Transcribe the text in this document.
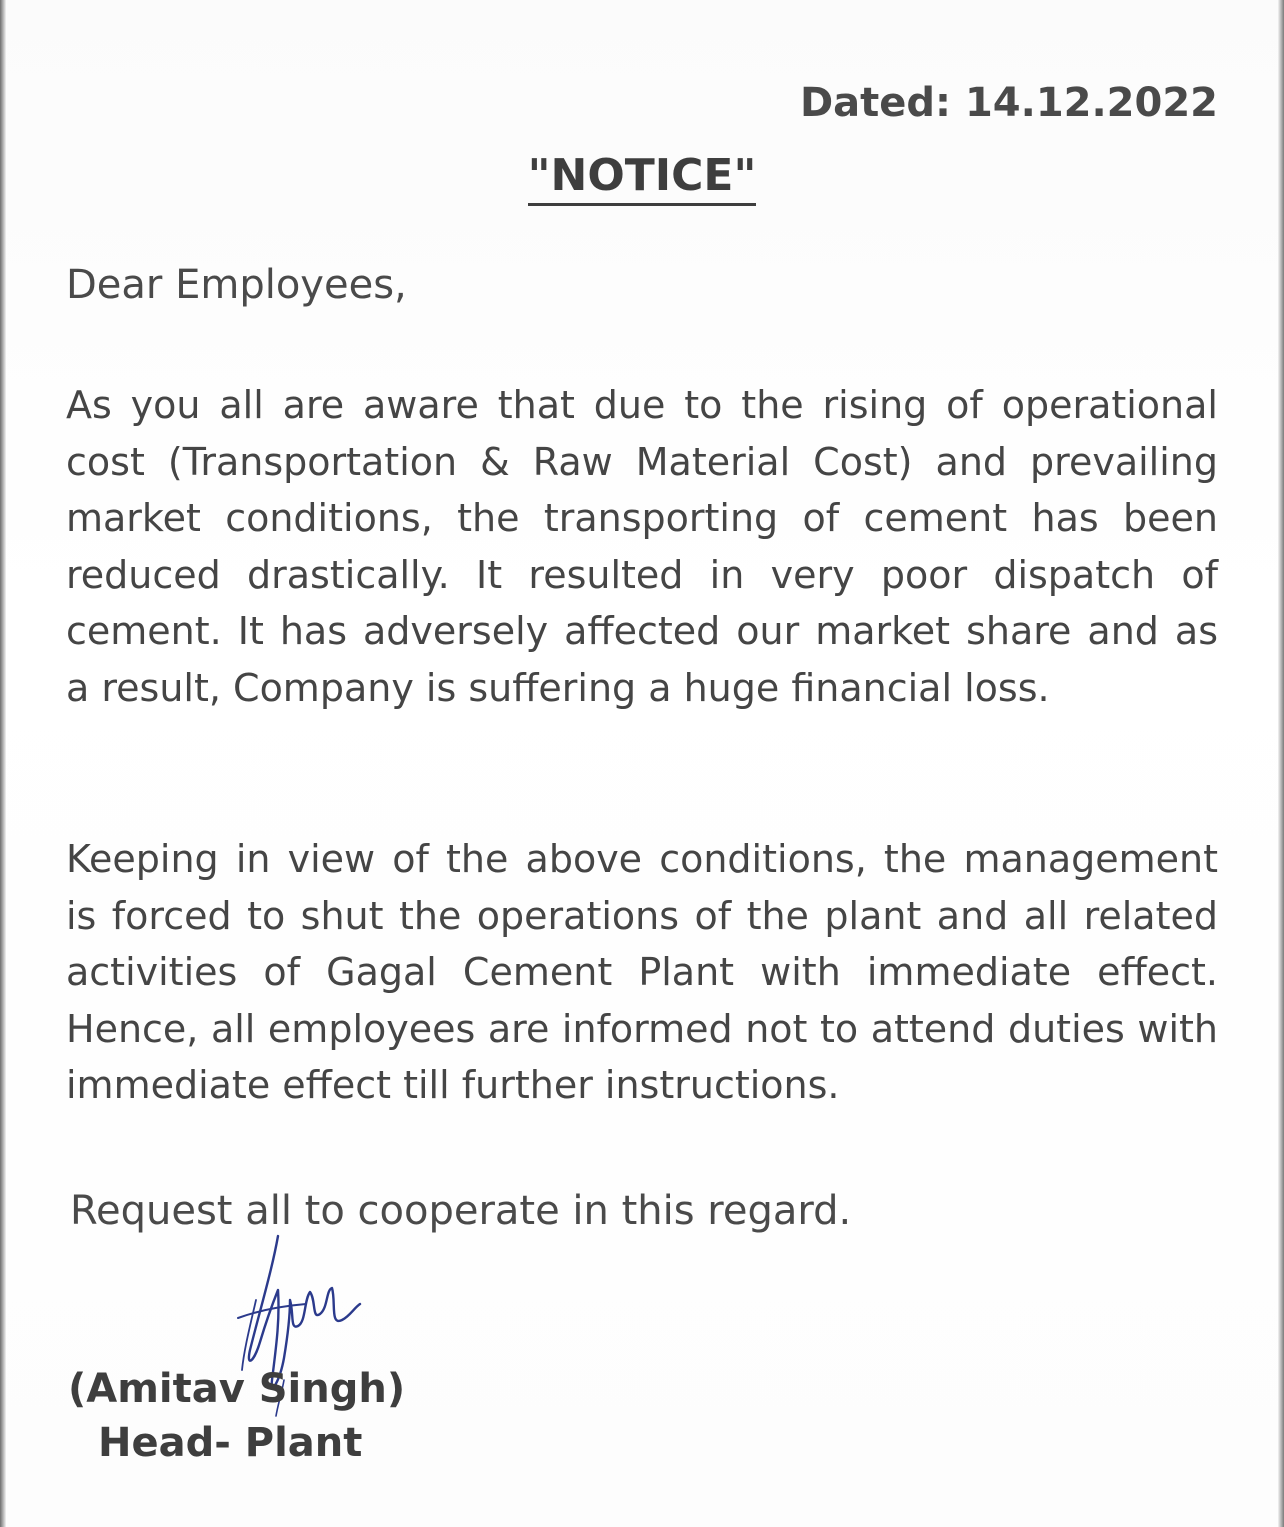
Dated: 14.12.2022
"NOTICE"
Dear Employees,
As you all are aware that due to the rising of operational cost (Transportation & Raw Material Cost) and prevailing market conditions, the transporting of cement has been reduced drastically. It resulted in very poor dispatch of cement. It has adversely affected our market share and as a result, Company is suffering a huge financial loss.
Keeping in view of the above conditions, the management is forced to shut the operations of the plant and all related activities of Gagal Cement Plant with immediate effect. Hence, all employees are informed not to attend duties with immediate effect till further instructions.
Request all to cooperate in this regard.
(Amitav Singh)
Head- Plant
